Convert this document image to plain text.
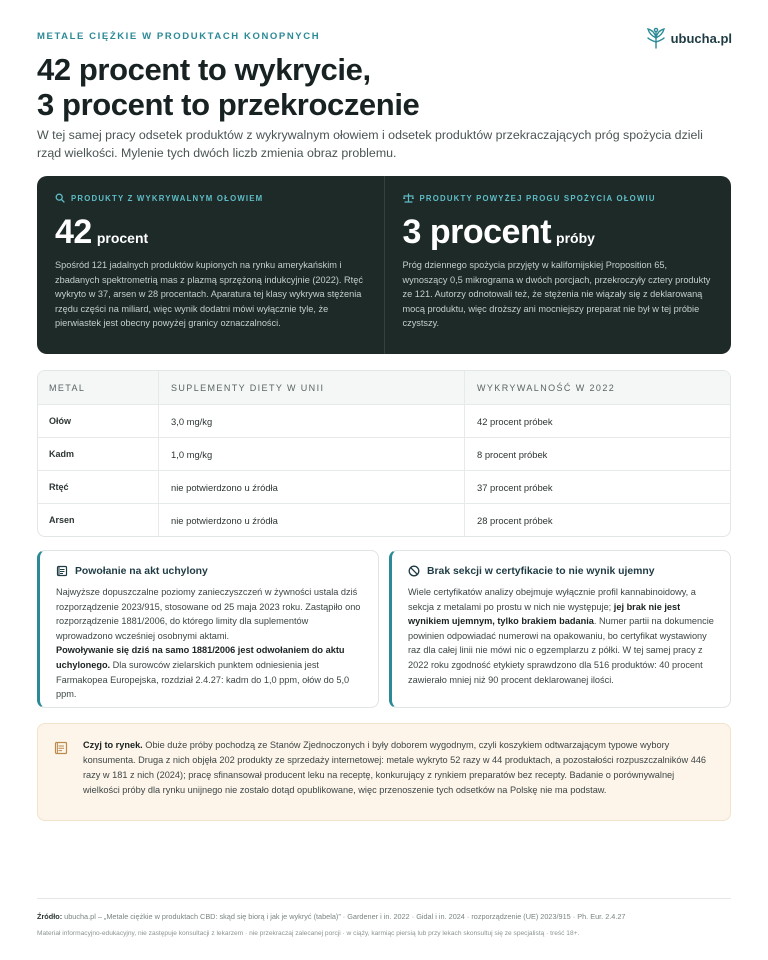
METALE CIĘŻKIE W PRODUKTACH KONOPNYCH	ubucha.pl
42 procent to wykrycie,
3 procent to przekroczenie

W tej samej pracy odsetek produktów z wykrywalnym ołowiem i odsetek produktów przekraczających próg spożycia dzieli rząd wielkości. Mylenie tych dwóch liczb zmienia obraz problemu.

PRODUKTY Z WYKRYWALNYM OŁOWIEM
42 procent

Spośród 121 jadalnych produktów kupionych na rynku amerykańskim i zbadanych spektrometrią mas z plazmą sprzężoną indukcyjnie (2022). Rtęć wykryto w 37, arsen w 28 procentach. Aparatura tej klasy wykrywa stężenia rzędu części na miliard, więc wynik dodatni mówi wyłącznie tyle, że pierwiastek jest obecny powyżej granicy oznaczalności.

PRODUKTY POWYŻEJ PROGU SPOŻYCIA OŁOWIU
3 procent próby

Próg dziennego spożycia przyjęty w kalifornijskiej Proposition 65, wynoszący 0,5 mikrograma w dwóch porcjach, przekroczyły cztery produkty ze 121. Autorzy odnotowali też, że stężenia nie wiązały się z deklarowaną mocą produktu, więc droższy ani mocniejszy preparat nie był w tej próbie czystszy.

METAL	SUPLEMENTY DIETY W UNII	WYKRYWALNOŚĆ W 2022
Ołów	3,0 mg/kg	42 procent próbek
Kadm	1,0 mg/kg	8 procent próbek
Rtęć	nie potwierdzono u źródła	37 procent próbek
Arsen	nie potwierdzono u źródła	28 procent próbek
Powołanie na akt uchylony

Najwyższe dopuszczalne poziomy zanieczyszczeń w żywności ustala dziś rozporządzenie 2023/915, stosowane od 25 maja 2023 roku. Zastąpiło ono rozporządzenie 1881/2006, do którego limity dla suplementów wprowadzono wcześniej osobnymi aktami.
Powoływanie się dziś na samo 1881/2006 jest odwołaniem do aktu uchylonego. Dla surowców zielarskich punktem odniesienia jest Farmakopea Europejska, rozdział 2.4.27: kadm do 1,0 ppm, ołów do 5,0 ppm.

Brak sekcji w certyfikacie to nie wynik ujemny

Wiele certyfikatów analizy obejmuje wyłącznie profil kannabinoidowy, a sekcja z metalami po prostu w nich nie występuje; jej brak nie jest wynikiem ujemnym, tylko brakiem badania. Numer partii na dokumencie powinien odpowiadać numerowi na opakowaniu, bo certyfikat wystawiony raz dla całej linii nie mówi nic o egzemplarzu z półki. W tej samej pracy z 2022 roku zgodność etykiety sprawdzono dla 516 produktów: 40 procent zawierało mniej niż 90 procent deklarowanej ilości.

Czyj to rynek. Obie duże próby pochodzą ze Stanów Zjednoczonych i były doborem wygodnym, czyli koszykiem odtwarzającym typowe wybory konsumenta. Druga z nich objęła 202 produkty ze sprzedaży internetowej: metale wykryto 52 razy w 44 produktach, a pozostałości rozpuszczalników 446 razy w 181 z nich (2024); pracę sfinansował producent leku na receptę, konkurujący z rynkiem preparatów bez recepty. Badanie o porównywalnej wielkości próby dla rynku unijnego nie zostało dotąd opublikowane, więc przenoszenie tych odsetków na Polskę nie ma podstaw.

Źródło: ubucha.pl – „Metale ciężkie w produktach CBD: skąd się biorą i jak je wykryć (tabela)” · Gardener i in. 2022 · Gidal i in. 2024 · rozporządzenie (UE) 2023/915 · Ph. Eur. 2.4.27
Materiał informacyjno-edukacyjny, nie zastępuje konsultacji z lekarzem · nie przekraczaj zalecanej porcji · w ciąży, karmiąc piersią lub przy lekach skonsultuj się ze specjalistą · treść 18+.
